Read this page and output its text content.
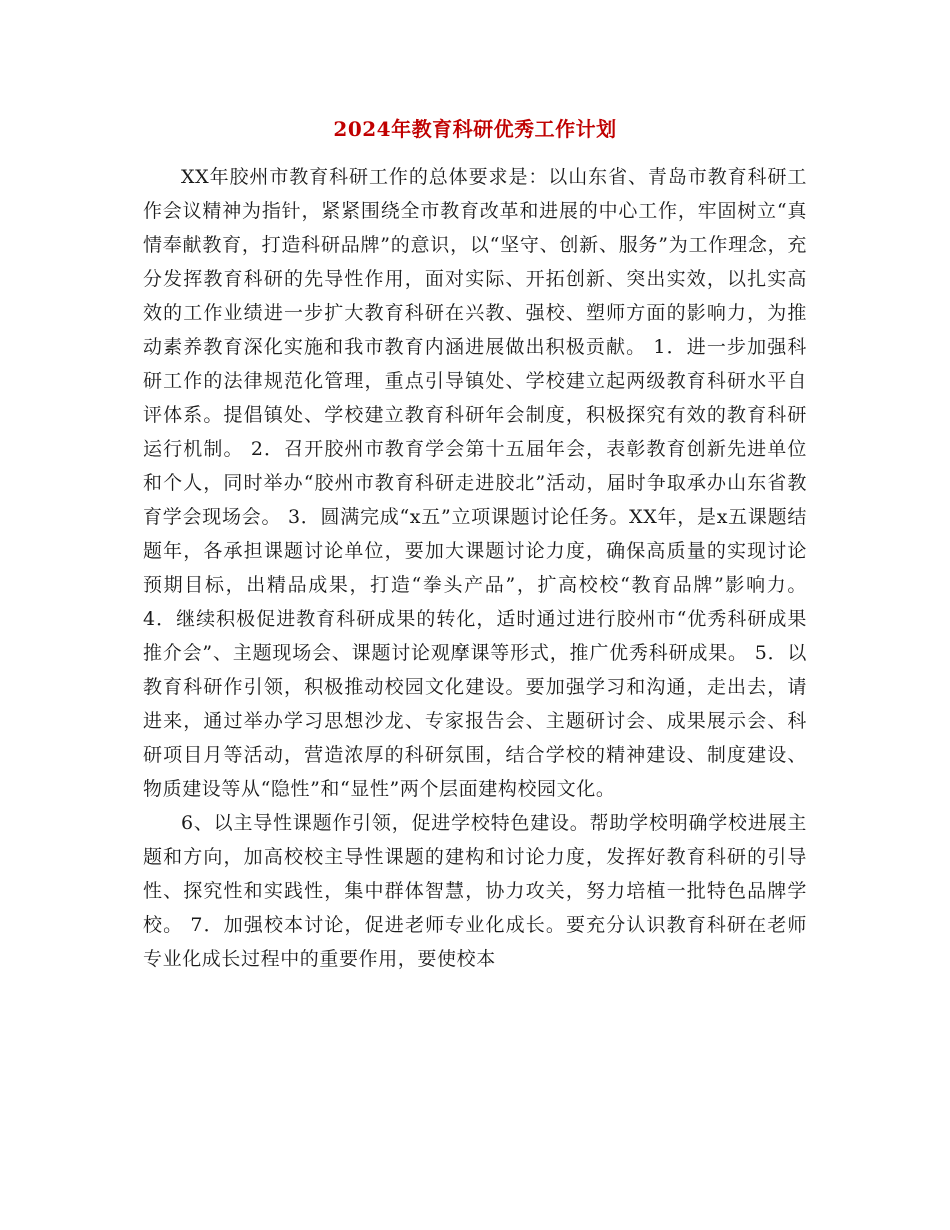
2024年教育科研优秀工作计划

XX年胶州市教育科研工作的总体要求是：以山东省、青岛市教育科研工作会议精神为指针，紧紧围绕全市教育改革和进展的中心工作，牢固树立“真情奉献教育，打造科研品牌”的意识，以“坚守、创新、服务”为工作理念，充分发挥教育科研的先导性作用，面对实际、开拓创新、突出实效，以扎实高效的工作业绩进一步扩大教育科研在兴教、强校、塑师方面的影响力，为推动素养教育深化实施和我市教育内涵进展做出积极贡献。 1．进一步加强科研工作的法律规范化管理，重点引导镇处、学校建立起两级教育科研水平自评体系。提倡镇处、学校建立教育科研年会制度，积极探究有效的教育科研运行机制。 2．召开胶州市教育学会第十五届年会，表彰教育创新先进单位和个人，同时举办“胶州市教育科研走进胶北”活动，届时争取承办山东省教育学会现场会。 3．圆满完成“x五”立项课题讨论任务。XX年，是x五课题结题年，各承担课题讨论单位，要加大课题讨论力度，确保高质量的实现讨论预期目标，出精品成果，打造“拳头产品”，扩高校校“教育品牌”影响力。 4．继续积极促进教育科研成果的转化，适时通过进行胶州市“优秀科研成果推介会”、主题现场会、课题讨论观摩课等形式，推广优秀科研成果。 5．以教育科研作引领，积极推动校园文化建设。要加强学习和沟通，走出去，请进来，通过举办学习思想沙龙、专家报告会、主题研讨会、成果展示会、科研项目月等活动，营造浓厚的科研氛围，结合学校的精神建设、制度建设、物质建设等从“隐性”和“显性”两个层面建构校园文化。

6、以主导性课题作引领，促进学校特色建设。帮助学校明确学校进展主题和方向，加高校校主导性课题的建构和讨论力度，发挥好教育科研的引导性、探究性和实践性，集中群体智慧，协力攻关，努力培植一批特色品牌学校。 7．加强校本讨论，促进老师专业化成长。要充分认识教育科研在老师专业化成长过程中的重要作用，要使校本
